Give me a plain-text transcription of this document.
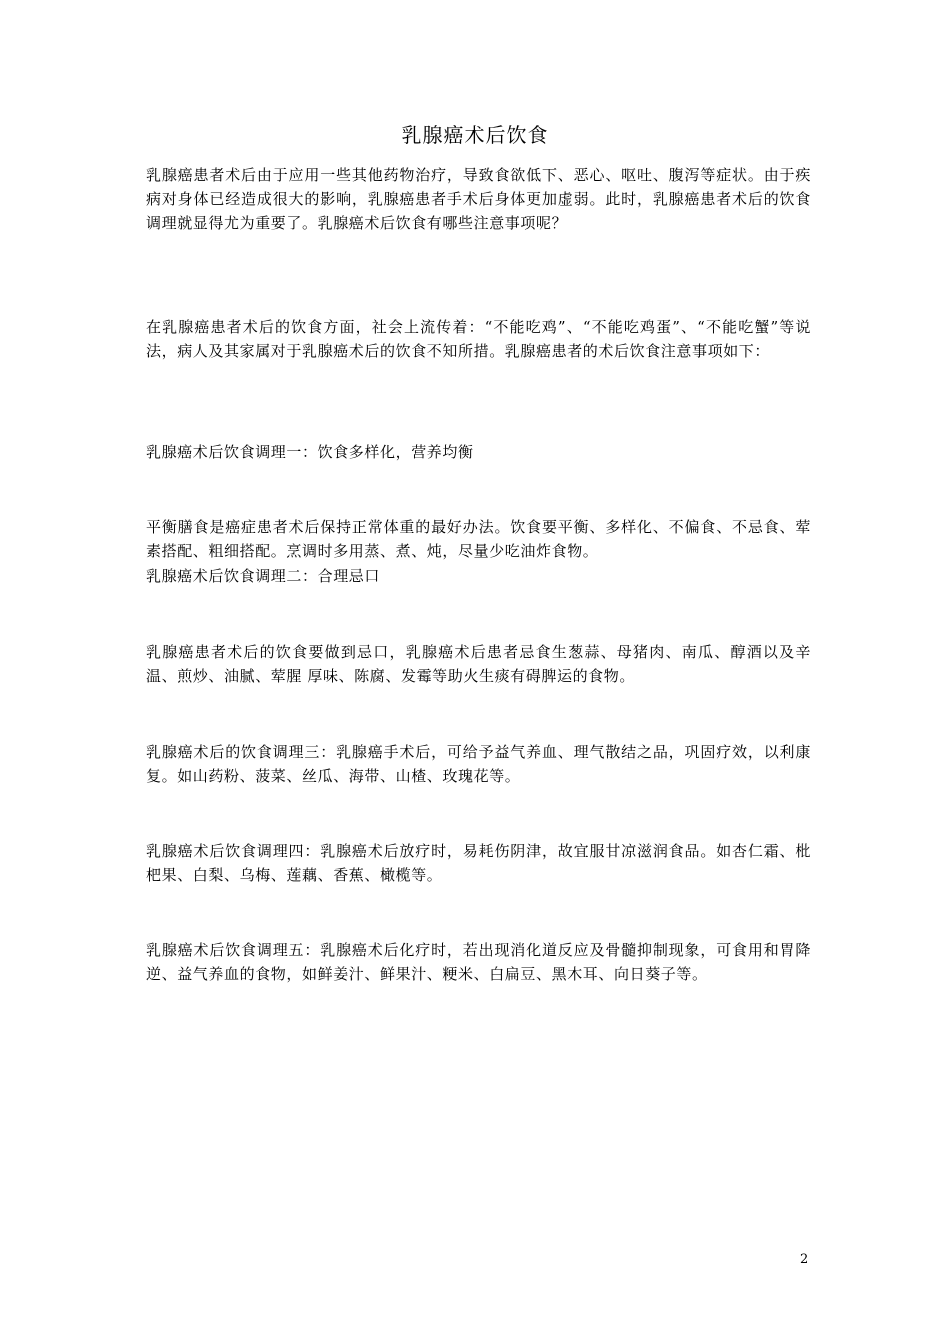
乳腺癌术后饮食

乳腺癌患者术后由于应用一些其他药物治疗，导致食欲低下、恶心、呕吐、腹泻等症状。由于疾病对身体已经造成很大的影响，乳腺癌患者手术后身体更加虚弱。此时，乳腺癌患者术后的饮食调理就显得尤为重要了。乳腺癌术后饮食有哪些注意事项呢？

在乳腺癌患者术后的饮食方面，社会上流传着：“不能吃鸡”、“不能吃鸡蛋”、“不能吃蟹”等说法，病人及其家属对于乳腺癌术后的饮食不知所措。乳腺癌患者的术后饮食注意事项如下：

乳腺癌术后饮食调理一：饮食多样化，营养均衡

平衡膳食是癌症患者术后保持正常体重的最好办法。饮食要平衡、多样化、不偏食、不忌食、荤素搭配、粗细搭配。烹调时多用蒸、煮、炖，尽量少吃油炸食物。

乳腺癌术后饮食调理二：合理忌口

乳腺癌患者术后的饮食要做到忌口，乳腺癌术后患者忌食生葱蒜、母猪肉、南瓜、醇酒以及辛温、煎炒、油腻、荤腥 厚味、陈腐、发霉等助火生痰有碍脾运的食物。

乳腺癌术后的饮食调理三：乳腺癌手术后，可给予益气养血、理气散结之品，巩固疗效，以利康复。如山药粉、菠菜、丝瓜、海带、山楂、玫瑰花等。

乳腺癌术后饮食调理四：乳腺癌术后放疗时，易耗伤阴津，故宜服甘凉滋润食品。如杏仁霜、枇杷果、白梨、乌梅、莲藕、香蕉、橄榄等。

乳腺癌术后饮食调理五：乳腺癌术后化疗时，若出现消化道反应及骨髓抑制现象，可食用和胃降逆、益气养血的食物，如鲜姜汁、鲜果汁、粳米、白扁豆、黑木耳、向日葵子等。

2
